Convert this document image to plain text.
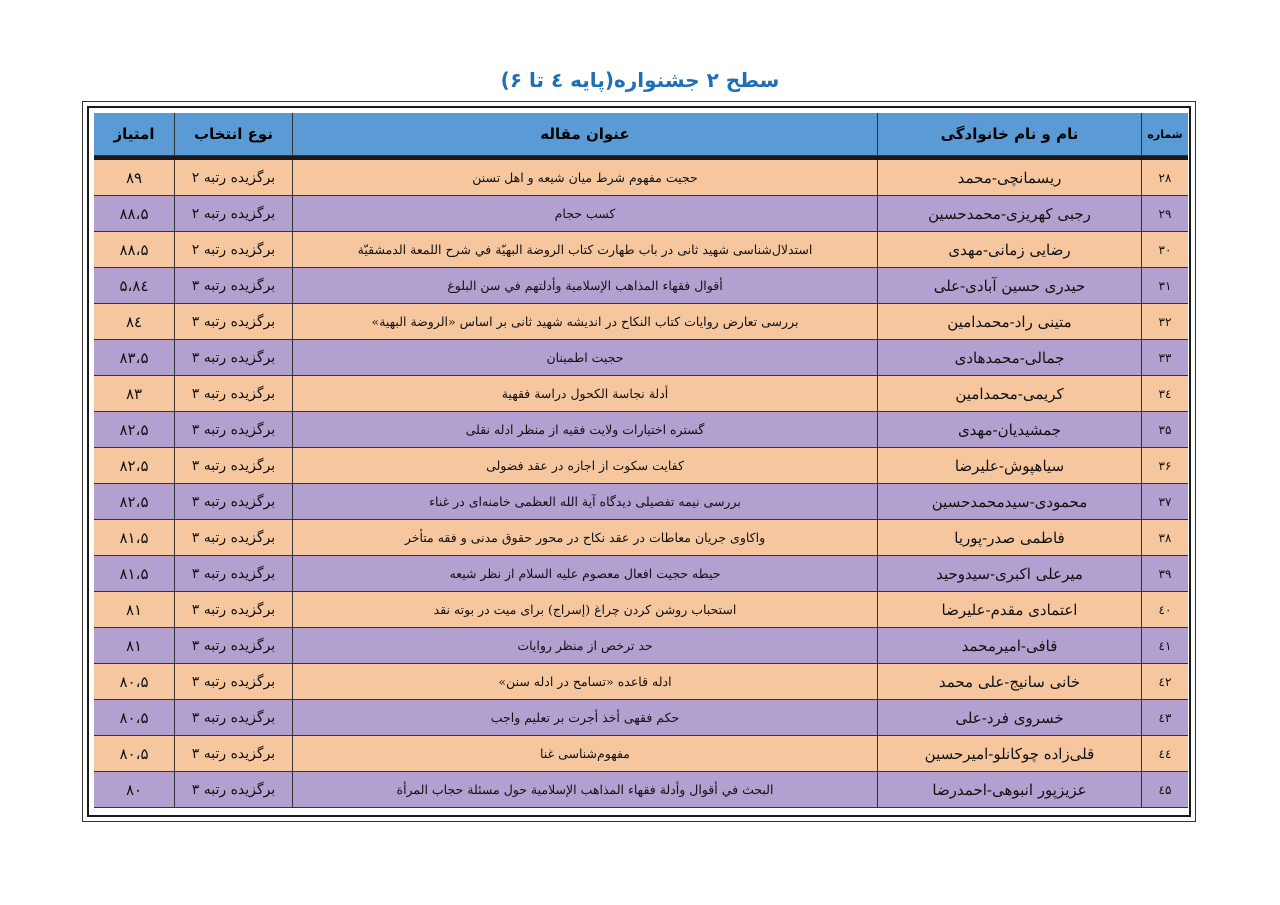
سطح ۲ جشنواره(پایه ٤ تا ۶)
شماره	نام و نام خانوادگی	عنوان مقاله	نوع انتخاب	امتیاز

۲۸	ریسمانچی-محمد	حجیت مفهوم شرط میان شیعه و اهل تسنن	برگزیده رتبه ۲	۸۹
۲۹	رجبی کهریزی-محمدحسین	کسب حجام	برگزیده رتبه ۲	۸۸،۵
۳۰	رضایی زمانی-مهدی	استدلال‌شناسی شهید ثانی در باب طهارت کتاب الروضة البهیّة في شرح اللمعة الدمشقیّة	برگزیده رتبه ۲	۸۸،۵
۳۱	حیدری حسین آبادی-علی	أقوال فقهاء المذاهب الإسلامية وأدلتهم في سن البلوغ	برگزیده رتبه ۳	۸٤،۵
۳۲	متینی راد-محمدامین	بررسی تعارض روایات کتاب النکاح در اندیشه شهید ثانی بر اساس «الروضة البهية»	برگزیده رتبه ۳	۸٤
۳۳	جمالی-محمدهادی	حجیت اطمینان	برگزیده رتبه ۳	۸۳،۵
۳٤	کریمی-محمدامین	أدلة نجاسة الكحول دراسة فقهية	برگزیده رتبه ۳	۸۳
۳۵	جمشیدیان-مهدی	گستره اختیارات ولایت فقیه از منظر ادله نقلی	برگزیده رتبه ۳	۸۲،۵
۳۶	سیاهپوش-علیرضا	کفایت سکوت از اجازه در عقد فضولی	برگزیده رتبه ۳	۸۲،۵
۳۷	محمودی-سیدمحمدحسین	بررسی نیمه تفصیلی دیدگاه آیة الله العظمی خامنه‌ای در غناء	برگزیده رتبه ۳	۸۲،۵
۳۸	فاطمی صدر-پوریا	واکاوی جریان معاطات در عقد نکاح در محور حقوق مدنی و فقه متأخر	برگزیده رتبه ۳	۸۱،۵
۳۹	میرعلی اکبری-سیدوحید	حیطه حجیت افعال معصوم علیه السلام از نظر شیعه	برگزیده رتبه ۳	۸۱،۵
٤۰	اعتمادی مقدم-علیرضا	استحباب روشن کردن چراغ (إسراج) برای میت در بوته نقد	برگزیده رتبه ۳	۸۱
٤۱	قافی-امیرمحمد	حد ترخص از منظر روایات	برگزیده رتبه ۳	۸۱
٤۲	خانی سانیج-علی محمد	ادله قاعده «تسامح در ادله سنن»	برگزیده رتبه ۳	۸۰،۵
٤۳	خسروی فرد-علی	حکم فقهی أخذ أجرت بر تعلیم واجب	برگزیده رتبه ۳	۸۰،۵
٤٤	قلی‌زاده چوکانلو-امیرحسین	مفهوم‌شناسی غنا	برگزیده رتبه ۳	۸۰،۵
٤۵	عزیزپور انبوهی-احمدرضا	البحث في أقوال وأدلة فقهاء المذاهب الإسلامية حول مسئلة حجاب المرأة	برگزیده رتبه ۳	۸۰
